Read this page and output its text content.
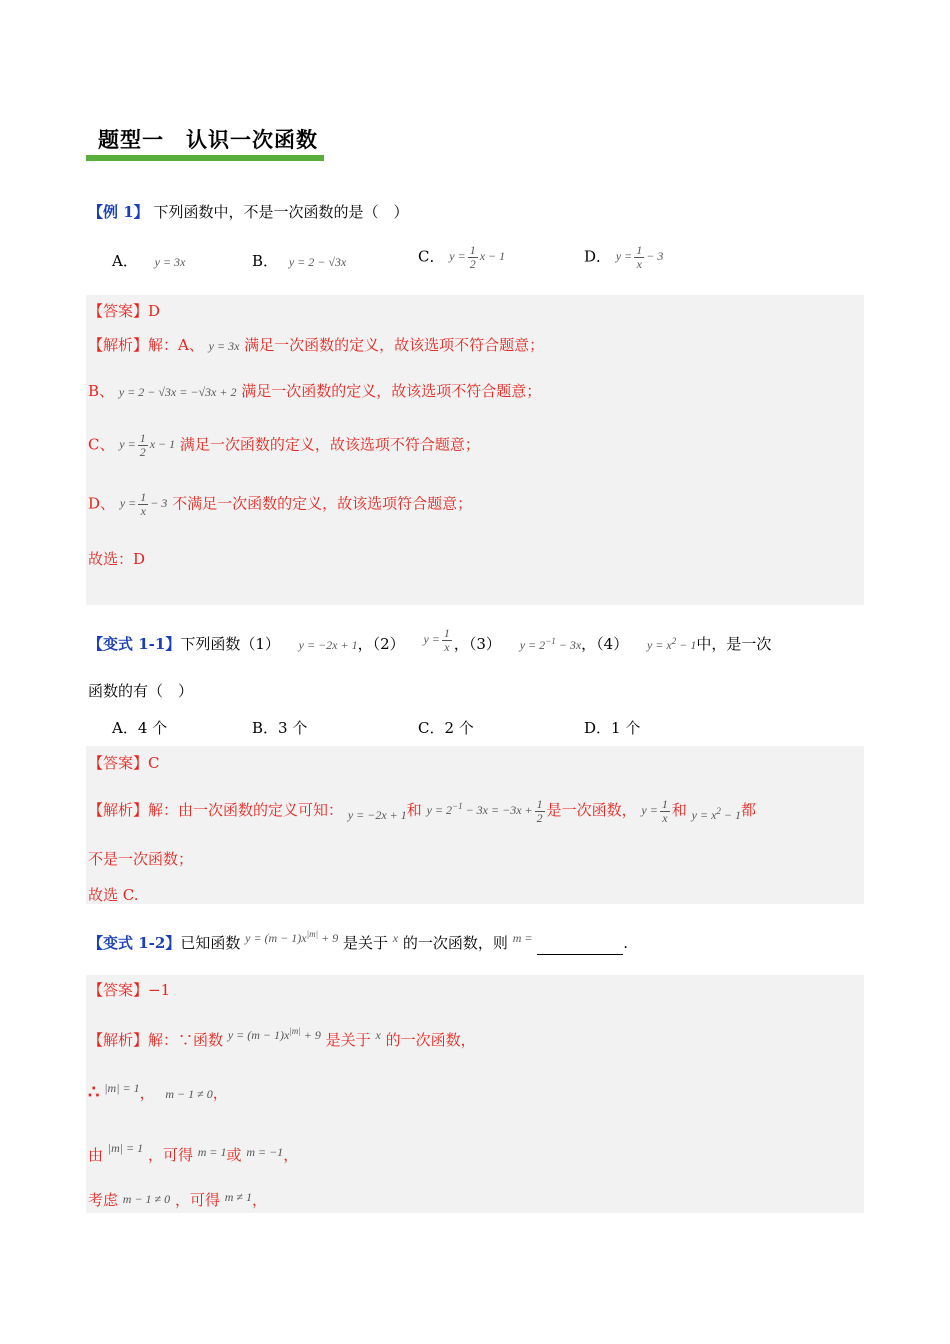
题型一　认识一次函数
【例 1】 下列函数中，不是一次函数的是（　）
A． y = 3x	B． y = 2 − √3x	C． $y = \frac{1}{2}$ x − 1	D． $y = \frac{1}{x} - 3$
【答案】D
【解析】解：A、 y = 3x 满足一次函数的定义，故该选项不符合题意；
B、 y = 2 − √3x = −√3x + 2 满足一次函数的定义，故该选项不符合题意；
C、 $y = \frac{1}{2}$ x − 1 满足一次函数的定义，故该选项不符合题意；
D、 $y = \frac{1}{x} - 3$ 不满足一次函数的定义，故该选项符合题意；
故选：D
【变式 1-1】下列函数（1） y = −2x + 1，（2） $^{y = \frac{1}{x}}$ ，（3） $y = 2^{-1} - 3x$，（4） $y = x^2 - 1$中，是一次
函数的有（　）
A．4 个	B．3 个	C．2 个	D．1 个
【答案】C
【解析】解：由一次函数的定义可知： $_{y = -2x + 1}$和 $y = 2^{-1} - 3x = -3x + \frac{1}{2}$ 是一次函数， $y = \frac{1}{x}$ 和 $_{y = x^2 - 1}$都
不是一次函数；
故选 C.
【变式 1-2】已知函数 $^{y = (m - 1)x^{|m|} + 9}$ 是关于 $^x$ 的一次函数，则 $^{m =}$	.
【答案】−1
【解析】解：∵函数 $^{y = (m - 1)x^{|m|} + 9}$ 是关于 $^x$ 的一次函数，
∴ $^{|m| = 1}$， m − 1 ≠ 0，
由 $^{|m| = 1}$ ，可得 $^{m = 1}$或 $^{m = -1}$，
考虑 m − 1 ≠ 0 ，可得 $^{m \ne 1}$，
